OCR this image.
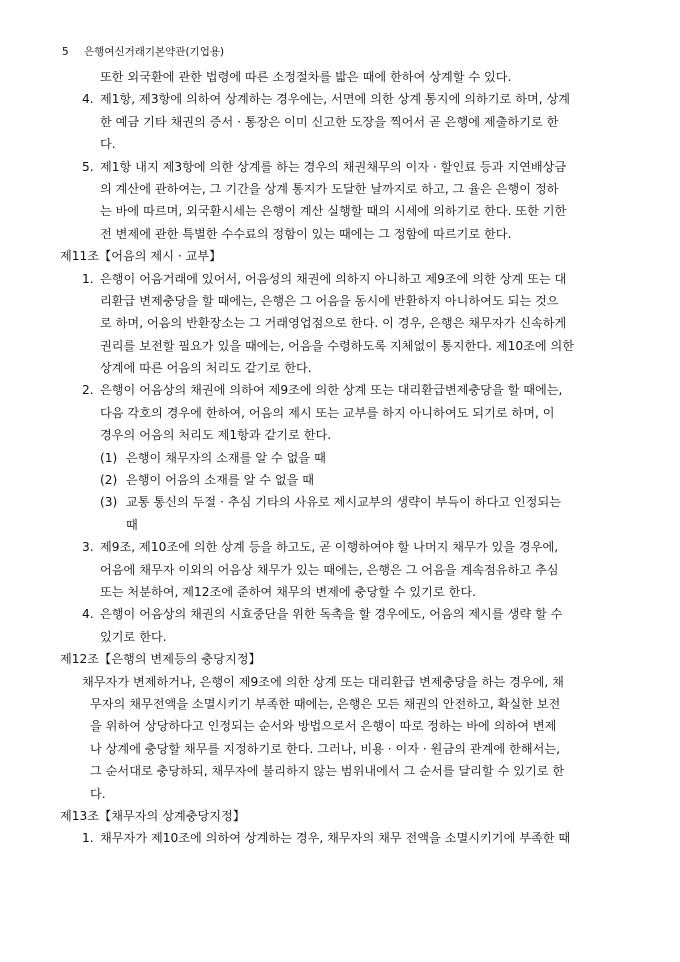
5 은행여신거래기본약관(기업용)
또한 외국환에 관한 법령에 따른 소정절차를 밟은 때에 한하여 상계할 수 있다.
4. 제1항, 제3항에 의하여 상계하는 경우에는, 서면에 의한 상계 통지에 의하기로 하며, 상계
한 예금 기타 채권의 증서 · 통장은 이미 신고한 도장을 찍어서 곧 은행에 제출하기로 한
다.
5. 제1항 내지 제3항에 의한 상계를 하는 경우의 채권채무의 이자 · 할인료 등과 지연배상금
의 계산에 관하여는, 그 기간을 상계 통지가 도달한 날까지로 하고, 그 율은 은행이 정하
는 바에 따르며, 외국환시세는 은행이 계산 실행할 때의 시세에 의하기로 한다. 또한 기한
전 변제에 관한 특별한 수수료의 정함이 있는 때에는 그 정함에 따르기로 한다.
제11조【어음의 제시 · 교부】
1. 은행이 어음거래에 있어서, 어음성의 채권에 의하지 아니하고 제9조에 의한 상계 또는 대
리환급 변제충당을 할 때에는, 은행은 그 어음을 동시에 반환하지 아니하여도 되는 것으
로 하며, 어음의 반환장소는 그 거래영업점으로 한다. 이 경우, 은행은 채무자가 신속하게
권리를 보전할 필요가 있을 때에는, 어음을 수령하도록 지체없이 통지한다. 제10조에 의한
상계에 따른 어음의 처리도 같기로 한다.
2. 은행이 어음상의 채권에 의하여 제9조에 의한 상계 또는 대리환급변제충당을 할 때에는,
다음 각호의 경우에 한하여, 어음의 제시 또는 교부를 하지 아니하여도 되기로 하며, 이
경우의 어음의 처리도 제1항과 같기로 한다.
(1) 은행이 채무자의 소재를 알 수 없을 때
(2) 은행이 어음의 소재를 알 수 없을 때
(3) 교통 통신의 두절 · 추심 기타의 사유로 제시교부의 생략이 부득이 하다고 인정되는
때
3. 제9조, 제10조에 의한 상계 등을 하고도, 곧 이행하여야 할 나머지 채무가 있을 경우에,
어음에 채무자 이외의 어음상 채무가 있는 때에는, 은행은 그 어음을 계속점유하고 추심
또는 처분하여, 제12조에 준하여 채무의 변제에 충당할 수 있기로 한다.
4. 은행이 어음상의 채권의 시효중단을 위한 독촉을 할 경우에도, 어음의 제시를 생략 할 수
있기로 한다.
제12조【은행의 변제등의 충당지정】
채무자가 변제하거나, 은행이 제9조에 의한 상계 또는 대리환급 변제충당을 하는 경우에, 채
무자의 채무전액을 소멸시키기 부족한 때에는, 은행은 모든 채권의 안전하고, 확실한 보전
을 위하여 상당하다고 인정되는 순서와 방법으로서 은행이 따로 정하는 바에 의하여 변제
나 상계에 충당할 채무를 지정하기로 한다. 그러나, 비용 · 이자 · 원금의 관계에 한해서는,
그 순서대로 충당하되, 채무자에 불리하지 않는 범위내에서 그 순서를 달리할 수 있기로 한
다.
제13조【채무자의 상계충당지정】
1. 채무자가 제10조에 의하여 상계하는 경우, 채무자의 채무 전액을 소멸시키기에 부족한 때
